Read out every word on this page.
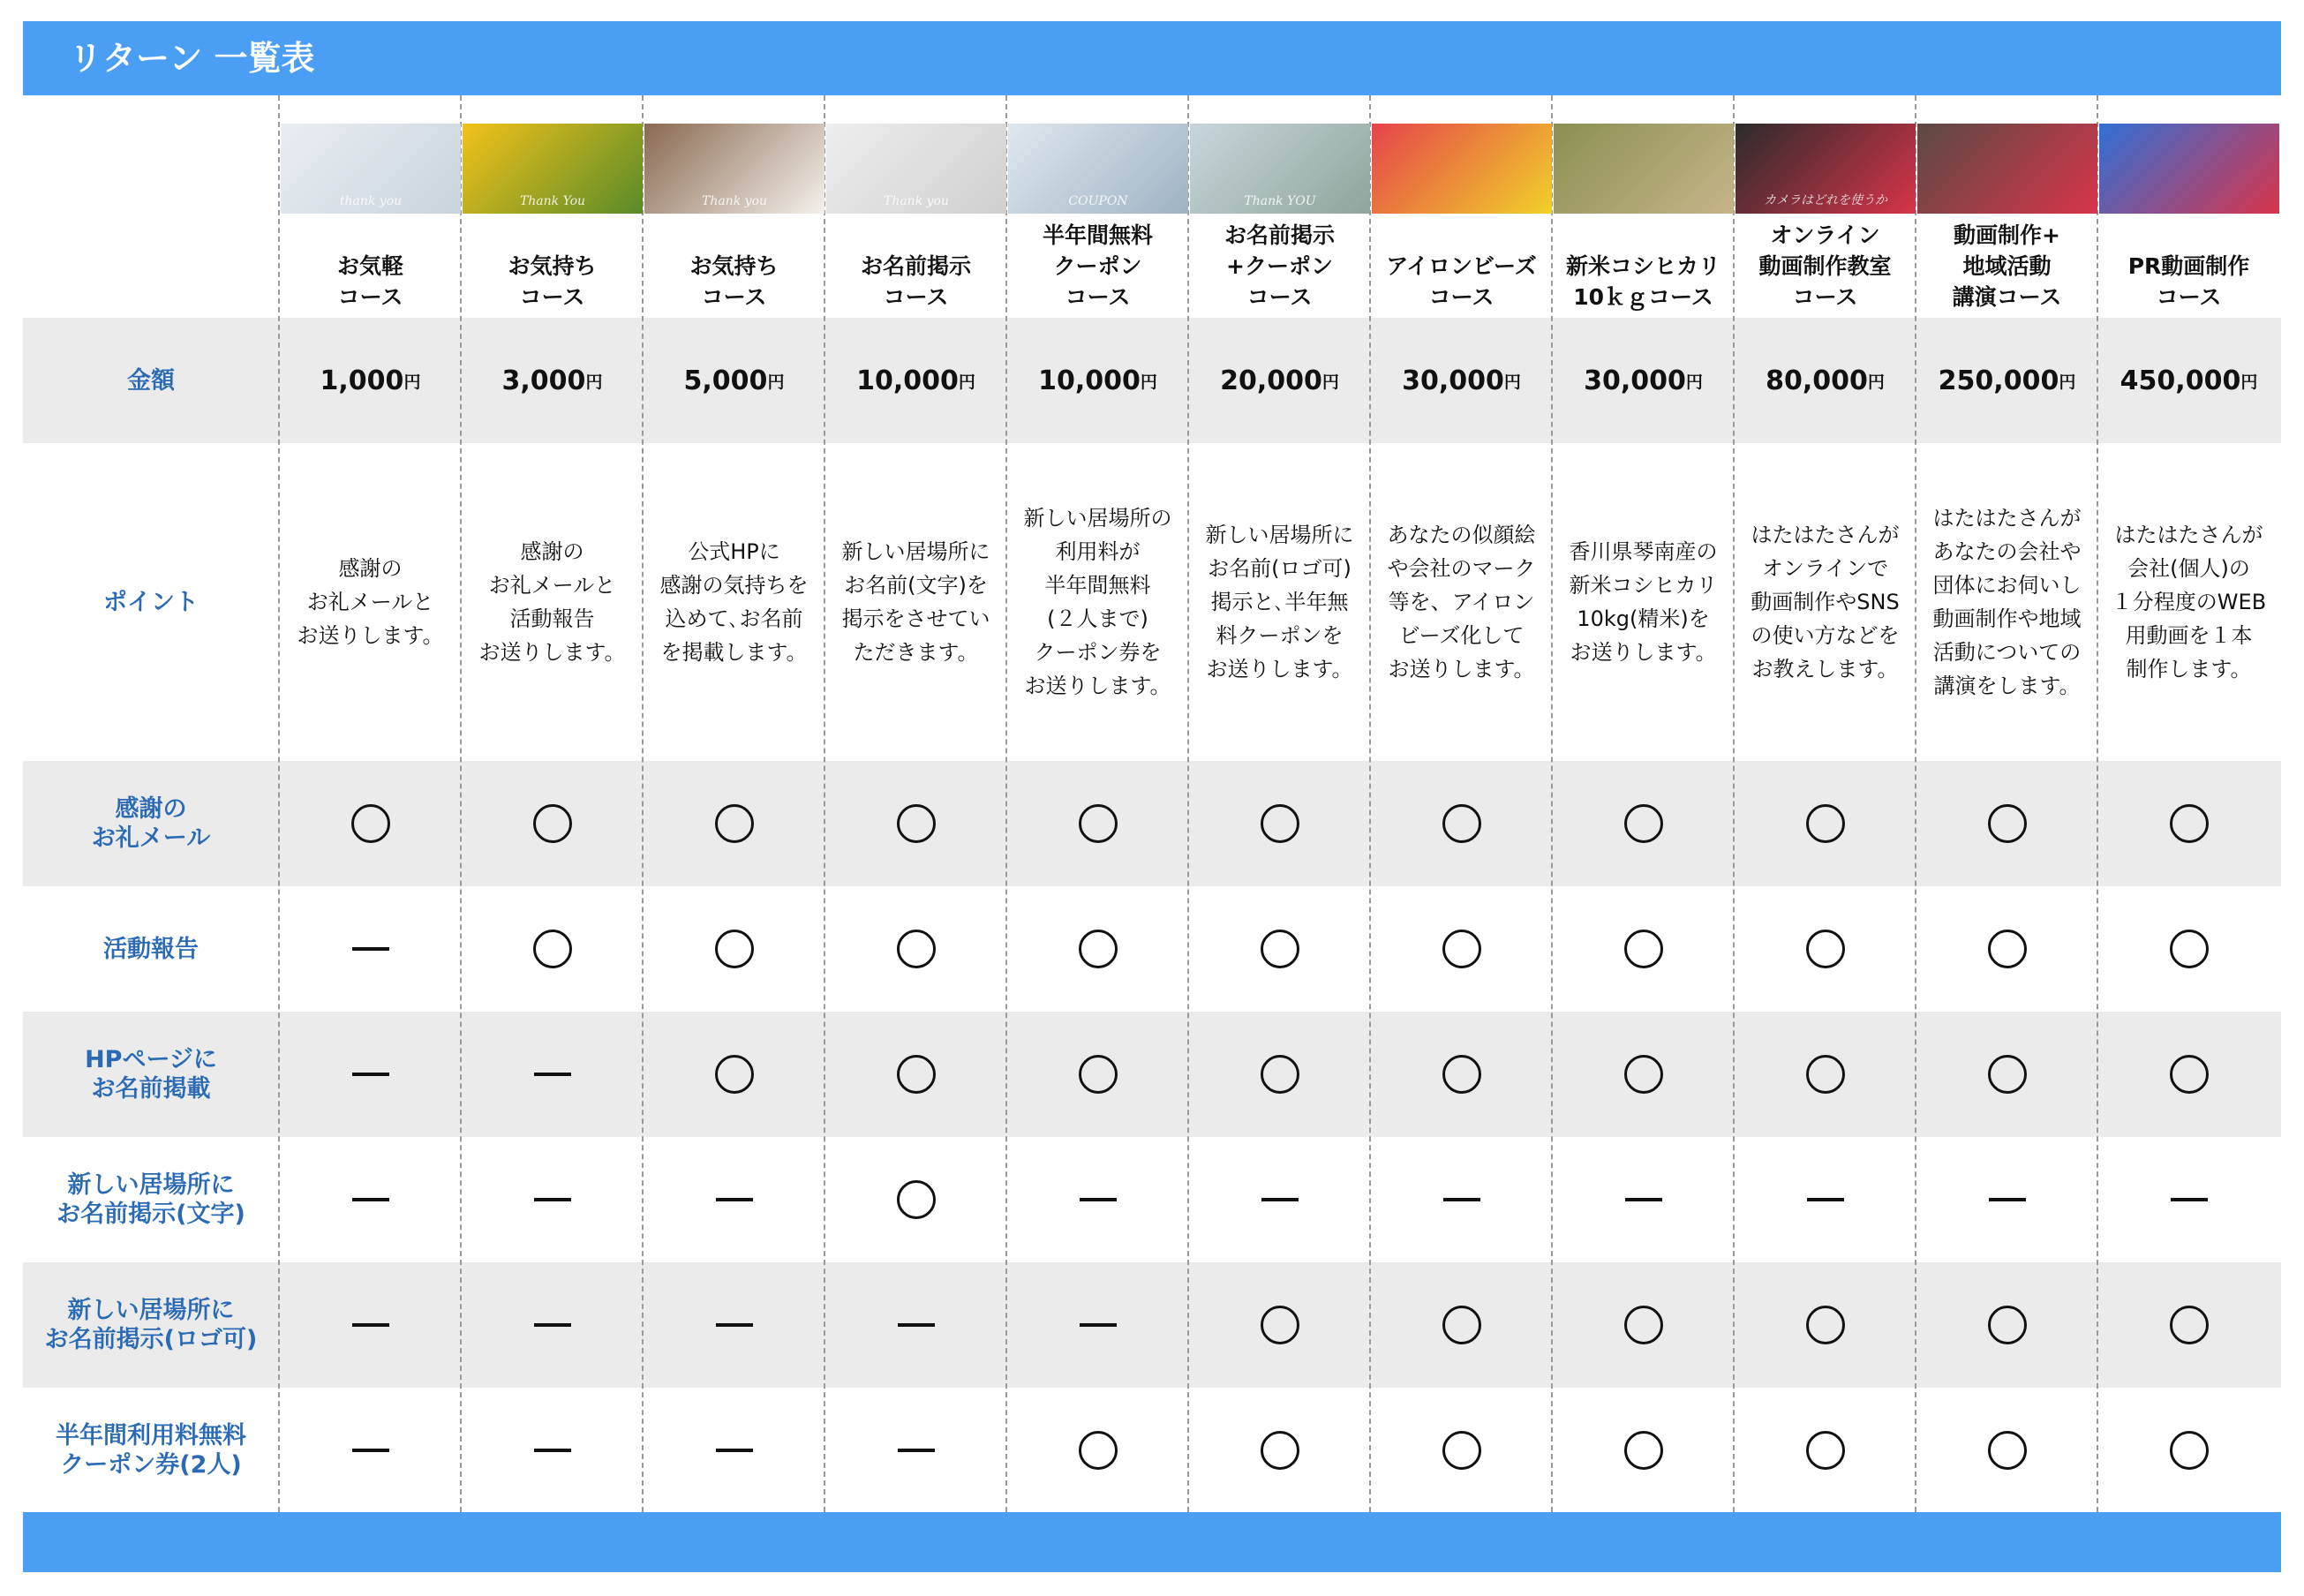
リターン 一覧表
金額
ポイント
感謝の
お礼メール
活動報告
HPページに
お名前掲載
新しい居場所に
お名前掲示(文字)
新しい居場所に
お名前掲示(ロゴ可)
半年間利用料無料
クーポン券(2人)
thank you
お気軽
コース
1,000 円
感謝の
お礼メールと
お送りします。
Thank You
お気持ち
コース
3,000 円
感謝の
お礼メールと
活動報告
お送りします。
Thank you
お気持ち
コース
5,000 円
公式HPに
感謝の気持ちを
込めて､お名前
を掲載します。
Thank you
お名前掲示
コース
10,000 円
新しい居場所に
お名前(文字)を
掲示をさせてい
ただきます。
COUPON
半年間無料
クーポン
コース
10,000 円
新しい居場所の
利用料が
半年間無料
(２人まで)
クーポン券を
お送りします。
Thank YOU
お名前掲示
+クーポン
コース
20,000 円
新しい居場所に
お名前(ロゴ可)
掲示と､半年無
料クーポンを
お送りします。
アイロンビーズ
コース
30,000 円
あなたの似顔絵
や会社のマーク
等を、アイロン
ビーズ化して
お送りします。
新米コシヒカリ
10ｋｇコース
30,000 円
香川県琴南産の
新米コシヒカリ
10kg(精米)を
お送りします。
カメラはどれを使うか
オンライン
動画制作教室
コース
80,000 円
はたはたさんが
オンラインで
動画制作やSNS
の使い方などを
お教えします。
動画制作+
地域活動
講演コース
250,000 円
はたはたさんが
あなたの会社や
団体にお伺いし
動画制作や地域
活動についての
講演をします。
PR動画制作
コース
450,000 円
はたはたさんが
会社(個人)の
１分程度のWEB
用動画を１本
制作します。
